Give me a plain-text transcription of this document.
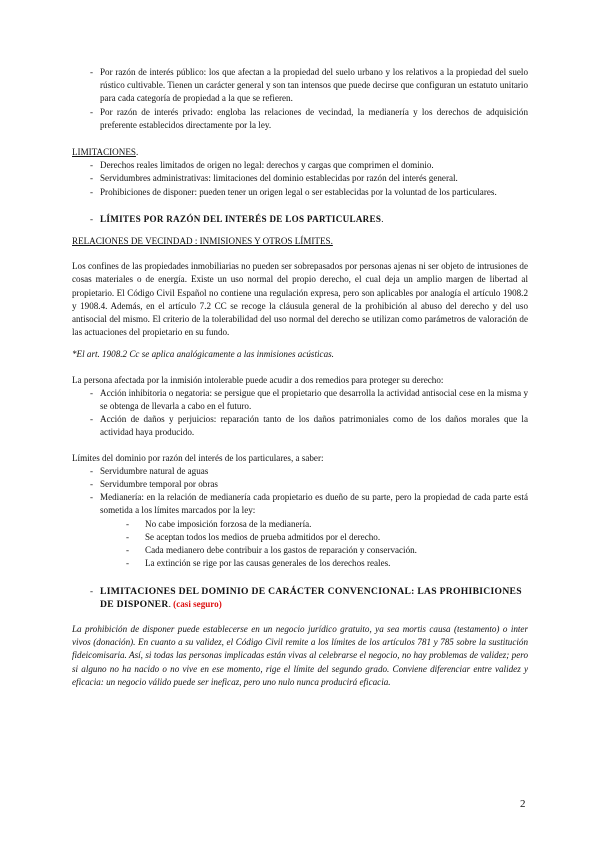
- Por razón de interés público: los que afectan a la propiedad del suelo urbano y los relativos a la propiedad del suelo rústico cultivable. Tienen un carácter general y son tan intensos que puede decirse que configuran un estatuto unitario para cada categoría de propiedad a la que se refieren.
- Por razón de interés privado: engloba las relaciones de vecindad, la medianería y los derechos de adquisición preferente establecidos directamente por la ley.

LIMITACIONES.

- Derechos reales limitados de origen no legal: derechos y cargas que comprimen el dominio.
- Servidumbres administrativas: limitaciones del dominio establecidas por razón del interés general.
- Prohibiciones de disponer: pueden tener un origen legal o ser establecidas por la voluntad de los particulares.
- LÍMITES POR RAZÓN DEL INTERÉS DE LOS PARTICULARES.

RELACIONES DE VECINDAD : INMISIONES Y OTROS LÍMITES.

Los confines de las propiedades inmobiliarias no pueden ser sobrepasados por personas ajenas ni ser objeto de intrusiones de cosas materiales o de energía. Existe un uso normal del propio derecho, el cual deja un amplio margen de libertad al propietario. El Código Civil Español no contiene una regulación expresa, pero son aplicables por analogía el artículo 1908.2 y 1908.4. Además, en el artículo 7.2 CC se recoge la cláusula general de la prohibición al abuso del derecho y del uso antisocial del mismo. El criterio de la tolerabilidad del uso normal del derecho se utilizan como parámetros de valoración de las actuaciones del propietario en su fundo.

*El art. 1908.2 Cc se aplica analógicamente a las inmisiones acústicas.

La persona afectada por la inmisión intolerable puede acudir a dos remedios para proteger su derecho:

- Acción inhibitoria o negatoria: se persigue que el propietario que desarrolla la actividad antisocial cese en la misma y se obtenga de llevarla a cabo en el futuro.
- Acción de daños y perjuicios: reparación tanto de los daños patrimoniales como de los daños morales que la actividad haya producido.

Límites del dominio por razón del interés de los particulares, a saber:

- Servidumbre natural de aguas
- Servidumbre temporal por obras
- Medianería: en la relación de medianería cada propietario es dueño de su parte, pero la propiedad de cada parte está sometida a los límites marcados por la ley:
-	No cabe imposición forzosa de la medianería.
-	Se aceptan todos los medios de prueba admitidos por el derecho.
-	Cada medianero debe contribuir a los gastos de reparación y conservación.
-	La extinción se rige por las causas generales de los derechos reales.
- LIMITACIONES DEL DOMINIO DE CARÁCTER CONVENCIONAL: LAS PROHIBICIONES DE DISPONER. (casi seguro)

La prohibición de disponer puede establecerse en un negocio jurídico gratuito, ya sea mortis causa (testamento) o inter vivos (donación). En cuanto a su validez, el Código Civil remite a los límites de los artículos 781 y 785 sobre la sustitución fideicomisaria. Así, si todas las personas implicadas están vivas al celebrarse el negocio, no hay problemas de validez; pero si alguno no ha nacido o no vive en ese momento, rige el límite del segundo grado. Conviene diferenciar entre validez y eficacia: un negocio válido puede ser ineficaz, pero uno nulo nunca producirá eficacia.

2
